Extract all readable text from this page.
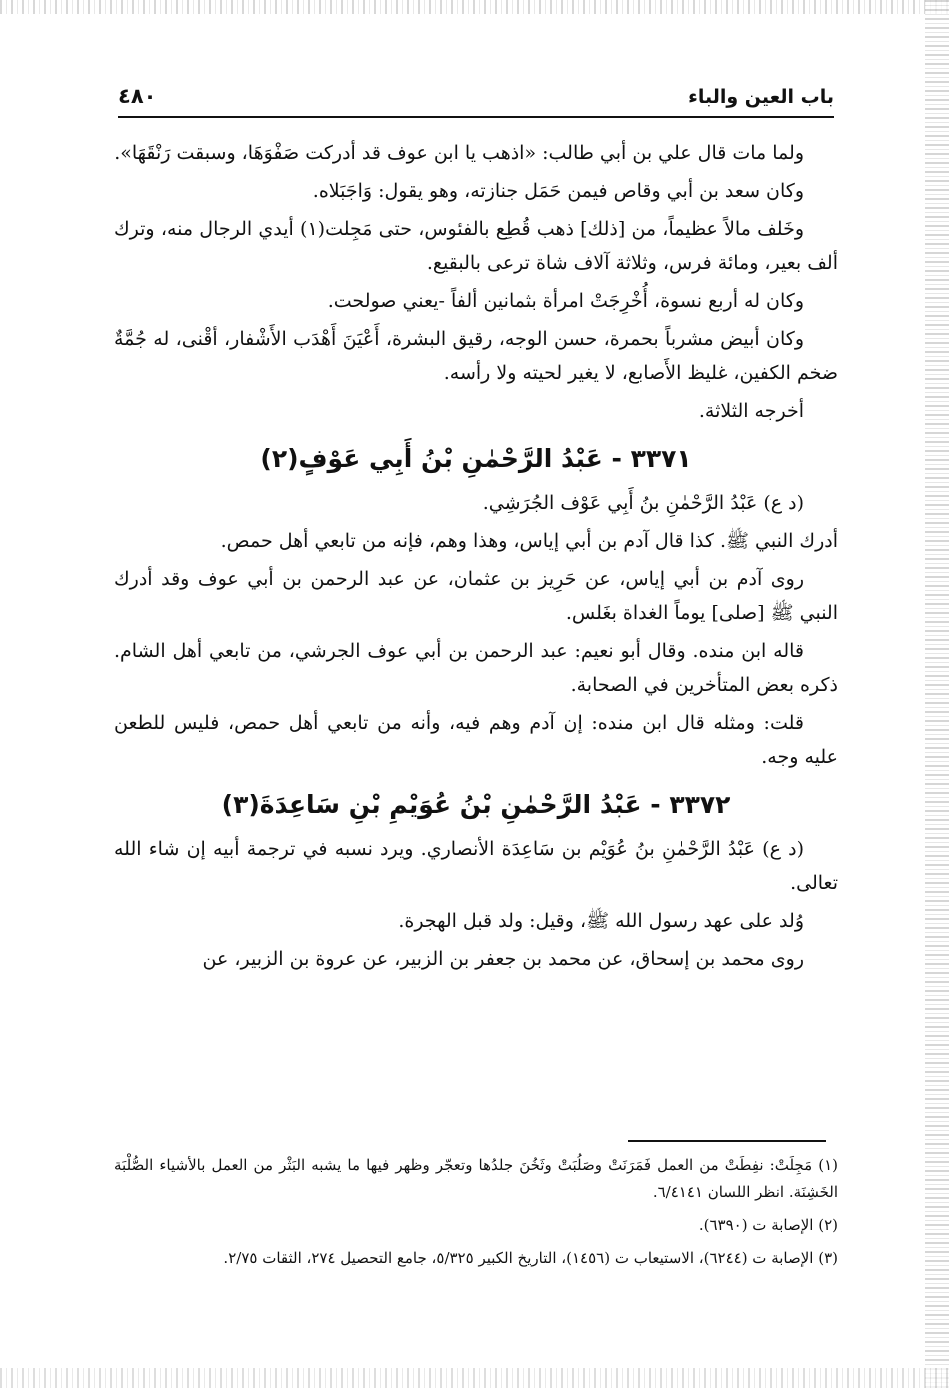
باب العين والباء
٤٨٠

ولما مات قال علي بن أبي طالب: «اذهب يا ابن عوف قد أدركت صَفْوَهَا، وسبقت رَنْقَهَا».

وكان سعد بن أبي وقاص فيمن حَمَل جنازته، وهو يقول: وَاجَبَلاه.

وخَلف مالاً عظيماً، من [ذلك] ذهب قُطِع بالفئوس، حتى مَجِلت(١) أيدي الرجال منه، وترك ألف بعير، ومائة فرس، وثلاثة آلاف شاة ترعى بالبقيع.

وكان له أربع نسوة، أُخْرِجَتْ امرأة بثمانين ألفاً -يعني صولحت.

وكان أبيض مشرباً بحمرة، حسن الوجه، رقيق البشرة، أَعْيَنَ أَهْدَب الأَشْفار، أقْنى، له جُمَّةٌ ضخم الكفين، غليظ الأَصابع، لا يغير لحيته ولا رأسه.

أخرجه الثلاثة.

٣٣٧١ - عَبْدُ الرَّحْمٰنِ بْنُ أَبِي عَوْفٍ(٢)

(د ع) عَبْدُ الرَّحْمٰنِ بنُ أَبِي عَوْف الجُرَشِي.

أدرك النبي ﷺ. كذا قال آدم بن أبي إياس، وهذا وهم، فإنه من تابعي أهل حمص.

روى آدم بن أبي إياس، عن حَرِيز بن عثمان، عن عبد الرحمن بن أبي عوف وقد أدرك النبي ﷺ [صلى] يوماً الغداة بغَلس.

قاله ابن منده. وقال أبو نعيم: عبد الرحمن بن أبي عوف الجرشي، من تابعي أهل الشام. ذكره بعض المتأخرين في الصحابة.

قلت: ومثله قال ابن منده: إن آدم وهم فيه، وأنه من تابعي أهل حمص، فليس للطعن عليه وجه.

٣٣٧٢ - عَبْدُ الرَّحْمٰنِ بْنُ عُوَيْمِ بْنِ سَاعِدَةَ(٣)

(د ع) عَبْدُ الرَّحْمٰنِ بنُ عُوَيْم بن سَاعِدَة الأنصاري. ويرد نسبه في ترجمة أبيه إن شاء الله تعالى.

وُلد على عهد رسول الله ﷺ، وقيل: ولد قبل الهجرة.

روى محمد بن إسحاق، عن محمد بن جعفر بن الزبير، عن عروة بن الزبير، عن

(١) مَجِلَتْ: نفِطَتْ من العمل فَمَرَنَتْ وصَلُبَتْ وثَخُنَ جلدُها وتعجّر وظهر فيها ما يشبه البَثْر من العمل بالأشياء الصُّلْبَة الخَشِنَة. انظر اللسان ٦/٤١٤١.

(٢) الإصابة ت (٦٣٩٠).

(٣) الإصابة ت (٦٢٤٤)، الاستيعاب ت (١٤٥٦)، التاريخ الكبير ٥/٣٢٥، جامع التحصيل ٢٧٤، الثقات ٢/٧٥.
